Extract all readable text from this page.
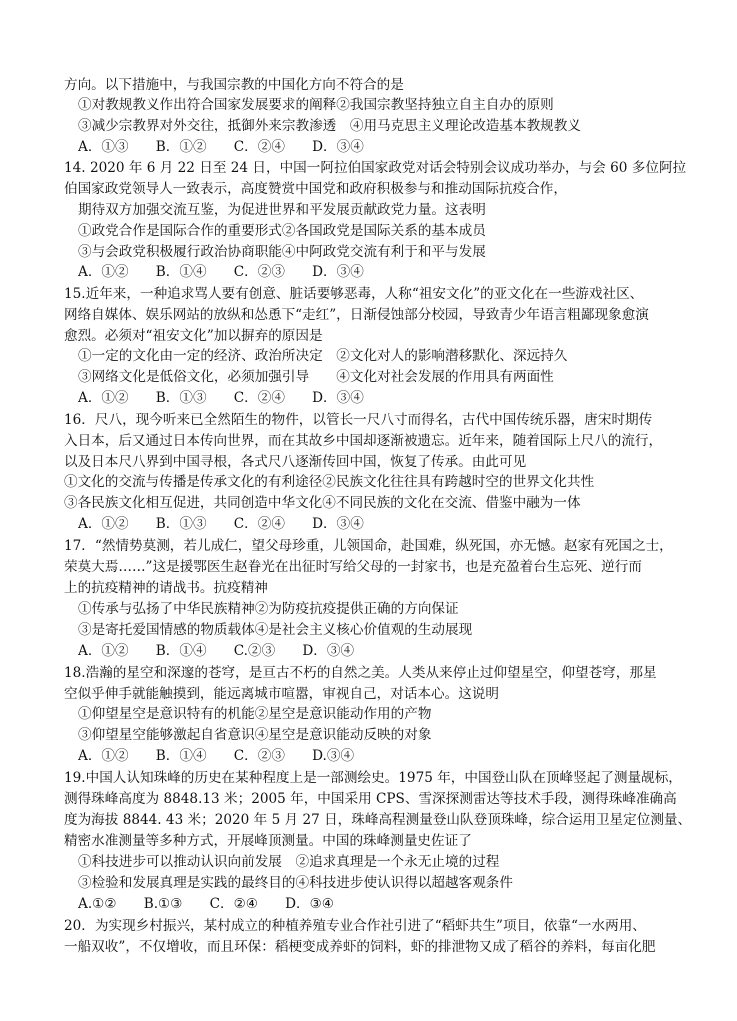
方向。以下措施中，与我国宗教的中国化方向不符合的是
①对教规教义作出符合国家发展要求的阐释②我国宗教坚持独立自主自办的原则
③减少宗教界对外交往，抵御外来宗教渗透　④用马克思主义理论改造基本教规教义
A．①③　　B．①②　　C．②④　　D．③④
14. 2020 年 6 月 22 日至 24 日，中国一阿拉伯国家政党对话会特别会议成功举办，与会 60 多位阿拉
伯国家政党领导人一致表示，高度赞赏中国党和政府积极参与和推动国际抗疫合作，
期待双方加强交流互鉴，为促进世界和平发展贡献政党力量。这表明
①政党合作是国际合作的重要形式②各国政党是国际关系的基本成员
③与会政党积极履行政治协商职能④中阿政党交流有利于和平与发展
A．①②　　B．①④　　C．②③　　D．③④
15.近年来，一种追求骂人要有创意、脏话要够恶毒，人称“祖安文化”的亚文化在一些游戏社区、
网络自媒体、娱乐网站的放纵和怂恿下“走红”，日渐侵蚀部分校园，导致青少年语言粗鄙现象愈演
愈烈。必须对“祖安文化”加以摒弃的原因是
①一定的文化由一定的经济、政治所决定　②文化对人的影响潜移默化、深远持久
③网络文化是低俗文化，必须加强引导　　④文化对社会发展的作用具有两面性
A．①②　　B．①③　　C．②④　　D．③④
16．尺八，现今听来已全然陌生的物件，以管长一尺八寸而得名，古代中国传统乐器，唐宋时期传
入日本，后又通过日本传向世界，而在其故乡中国却逐渐被遗忘。近年来，随着国际上尺八的流行，
以及日本尺八界到中国寻根，各式尺八逐渐传回中国，恢复了传承。由此可见
①文化的交流与传播是传承文化的有利途径②民族文化往往具有跨越时空的世界文化共性
③各民族文化相互促进，共同创造中华文化④不同民族的文化在交流、借鉴中融为一体
A．①②　　B．①③　　C．②④　　D．③④
17．“然情势莫测，若儿成仁，望父母珍重，儿领国命，赴国难，纵死国，亦无憾。赵家有死国之士，
荣莫大焉……”这是援鄂医生赵眷光在出征时写给父母的一封家书，也是充盈着台生忘死、逆行而
上的抗疫精神的请战书。抗疫精神
①传承与弘扬了中华民族精神②为防疫抗疫提供正确的方向保证
③是寄托爱国情感的物质载体④是社会主义核心价值观的生动展现
A．①②　　B．①④　　C.②③　　D．③④
18.浩瀚的星空和深邃的苍穹，是亘古不朽的自然之美。人类从来停止过仰望星空，仰望苍穹，那星
空似乎伸手就能触摸到，能远离城市喧嚣，审视自己，对话本心。这说明
①仰望星空是意识特有的机能②星空是意识能动作用的产物
③仰望星空能够激起自省意识④星空是意识能动反映的对象
A．①②　　B．①④　　C．②③　　D.③④
19.中国人认知珠峰的历史在某种程度上是一部测绘史。1975 年，中国登山队在顶峰竖起了测量觇标，
测得珠峰高度为 8848.13 米；2005 年，中国采用 CPS、雪深探测雷达等技术手段，测得珠峰准确高
度为海拔 8844. 43 米；2020 年 5 月 27 日，珠峰高程测量登山队登顶珠峰，综合运用卫星定位测量、
精密水准测量等多种方式，开展峰顶测量。中国的珠峰测量史佐证了
①科技进步可以推动认识向前发展　②追求真理是一个永无止境的过程
③检验和发展真理是实践的最终目的④科技进步使认识得以超越客观条件
A.①②　　B.①③　　C．②④　　D．③④
20．为实现乡村振兴，某村成立的种植养殖专业合作社引进了“稻虾共生”项目，依靠“一水两用、
一船双收”，不仅增收，而且环保：稻梗变成养虾的饲料，虾的排泄物又成了稻谷的养料，每亩化肥
